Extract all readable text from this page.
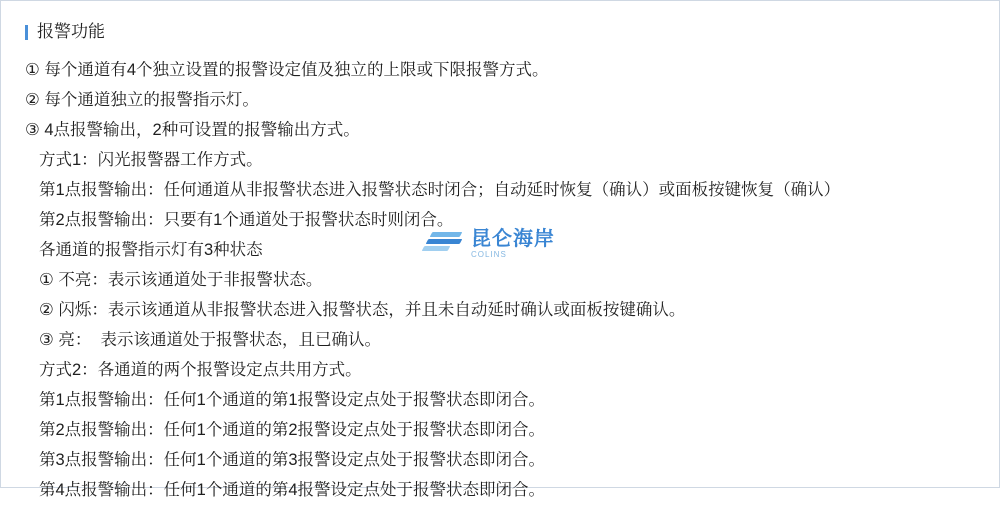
报警功能
① 每个通道有4个独立设置的报警设定值及独立的上限或下限报警方式。
② 每个通道独立的报警指示灯。
③ 4点报警输出，2种可设置的报警输出方式。
方式1：闪光报警器工作方式。
第1点报警输出：任何通道从非报警状态进入报警状态时闭合；自动延时恢复（确认）或面板按键恢复（确认）
第2点报警输出：只要有1个通道处于报警状态时则闭合。
各通道的报警指示灯有3种状态
① 不亮：表示该通道处于非报警状态。
② 闪烁：表示该通道从非报警状态进入报警状态，并且未自动延时确认或面板按键确认。
③ 亮：  表示该通道处于报警状态，且已确认。
方式2：各通道的两个报警设定点共用方式。
第1点报警输出：任何1个通道的第1报警设定点处于报警状态即闭合。
第2点报警输出：任何1个通道的第2报警设定点处于报警状态即闭合。
第3点报警输出：任何1个通道的第3报警设定点处于报警状态即闭合。
第4点报警输出：任何1个通道的第4报警设定点处于报警状态即闭合。
昆仑海岸
COLINS
